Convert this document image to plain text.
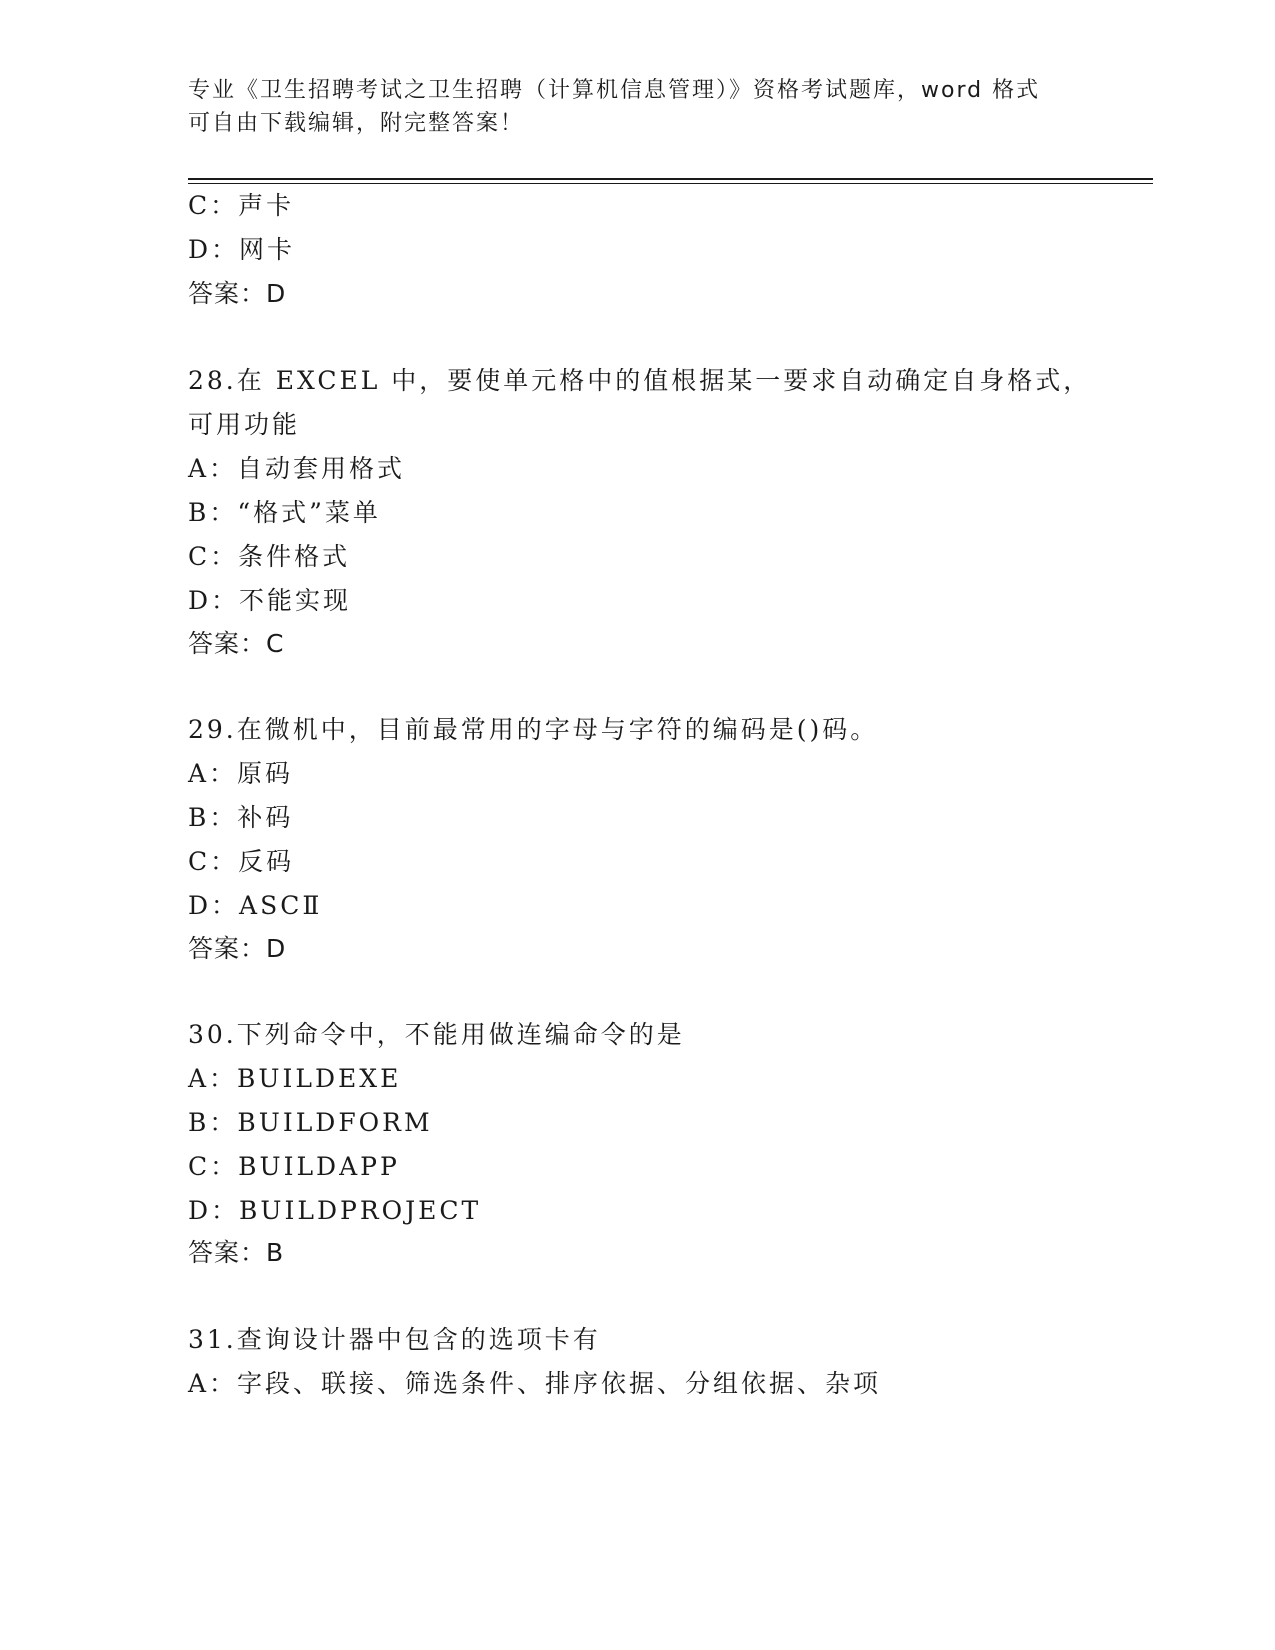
专业《卫生招聘考试之卫生招聘（计算机信息管理）》资格考试题库，word 格式
可自由下载编辑，附完整答案！
C：声卡
D：网卡
答案：D
28.在 EXCEL 中，要使单元格中的值根据某一要求自动确定自身格式，
可用功能
A：自动套用格式
B：“格式”菜单
C：条件格式
D：不能实现
答案：C
29.在微机中，目前最常用的字母与字符的编码是()码。
A：原码
B：补码
C：反码
D：ASCⅡ
答案：D
30.下列命令中，不能用做连编命令的是
A：BUILDEXE
B：BUILDFORM
C：BUILDAPP
D：BUILDPROJECT
答案：B
31.查询设计器中包含的选项卡有
A：字段、联接、筛选条件、排序依据、分组依据、杂项
